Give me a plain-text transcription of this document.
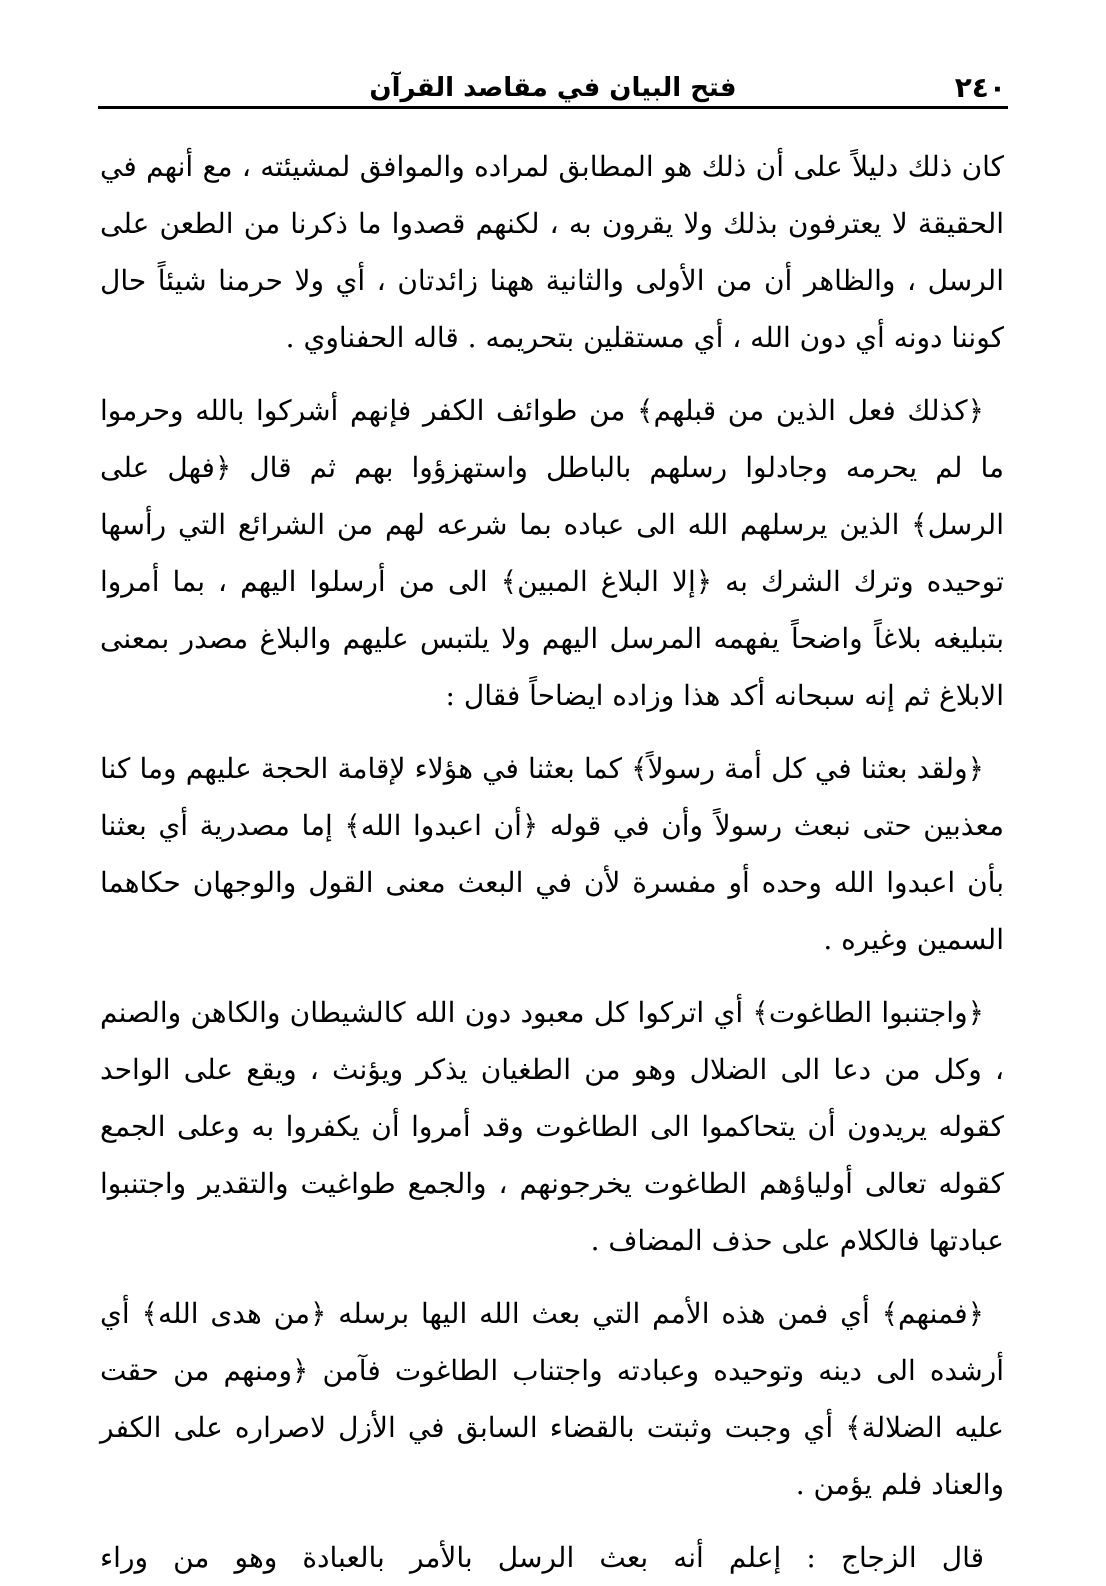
٢٤٠
فتح البيان في مقاصد القرآن

كان ذلك دليلاً على أن ذلك هو المطابق لمراده والموافق لمشيئته ، مع أنهم في الحقيقة لا يعترفون بذلك ولا يقرون به ، لكنهم قصدوا ما ذكرنا من الطعن على الرسل ، والظاهر أن من الأولى والثانية ههنا زائدتان ، أي ولا حرمنا شيئاً حال كوننا دونه أي دون الله ، أي مستقلين بتحريمه . قاله الحفناوي .

﴿كذلك فعل الذين من قبلهم﴾ من طوائف الكفر فإنهم أشركوا بالله وحرموا ما لم يحرمه وجادلوا رسلهم بالباطل واستهزؤوا بهم ثم قال ﴿فهل على الرسل﴾ الذين يرسلهم الله الى عباده بما شرعه لهم من الشرائع التي رأسها توحيده وترك الشرك به ﴿إلا البلاغ المبين﴾ الى من أرسلوا اليهم ، بما أمروا بتبليغه بلاغاً واضحاً يفهمه المرسل اليهم ولا يلتبس عليهم والبلاغ مصدر بمعنى الابلاغ ثم إنه سبحانه أكد هذا وزاده ايضاحاً فقال :

﴿ولقد بعثنا في كل أمة رسولاً﴾ كما بعثنا في هؤلاء لإقامة الحجة عليهم وما كنا معذبين حتى نبعث رسولاً وأن في قوله ﴿أن اعبدوا الله﴾ إما مصدرية أي بعثنا بأن اعبدوا الله وحده أو مفسرة لأن في البعث معنى القول والوجهان حكاهما السمين وغيره .

﴿واجتنبوا الطاغوت﴾ أي اتركوا كل معبود دون الله كالشيطان والكاهن والصنم ، وكل من دعا الى الضلال وهو من الطغيان يذكر ويؤنث ، ويقع على الواحد كقوله يريدون أن يتحاكموا الى الطاغوت وقد أمروا أن يكفروا به وعلى الجمع كقوله تعالى أولياؤهم الطاغوت يخرجونهم ، والجمع طواغيت والتقدير واجتنبوا عبادتها فالكلام على حذف المضاف .

﴿فمنهم﴾ أي فمن هذه الأمم التي بعث الله اليها برسله ﴿من هدى الله﴾ أي أرشده الى دينه وتوحيده وعبادته واجتناب الطاغوت فآمن ﴿ومنهم من حقت عليه الضلالة﴾ أي وجبت وثبتت بالقضاء السابق في الأزل لاصراره على الكفر والعناد فلم يؤمن .

قال الزجاج : إعلم أنه بعث الرسل بالأمر بالعبادة وهو من وراء
